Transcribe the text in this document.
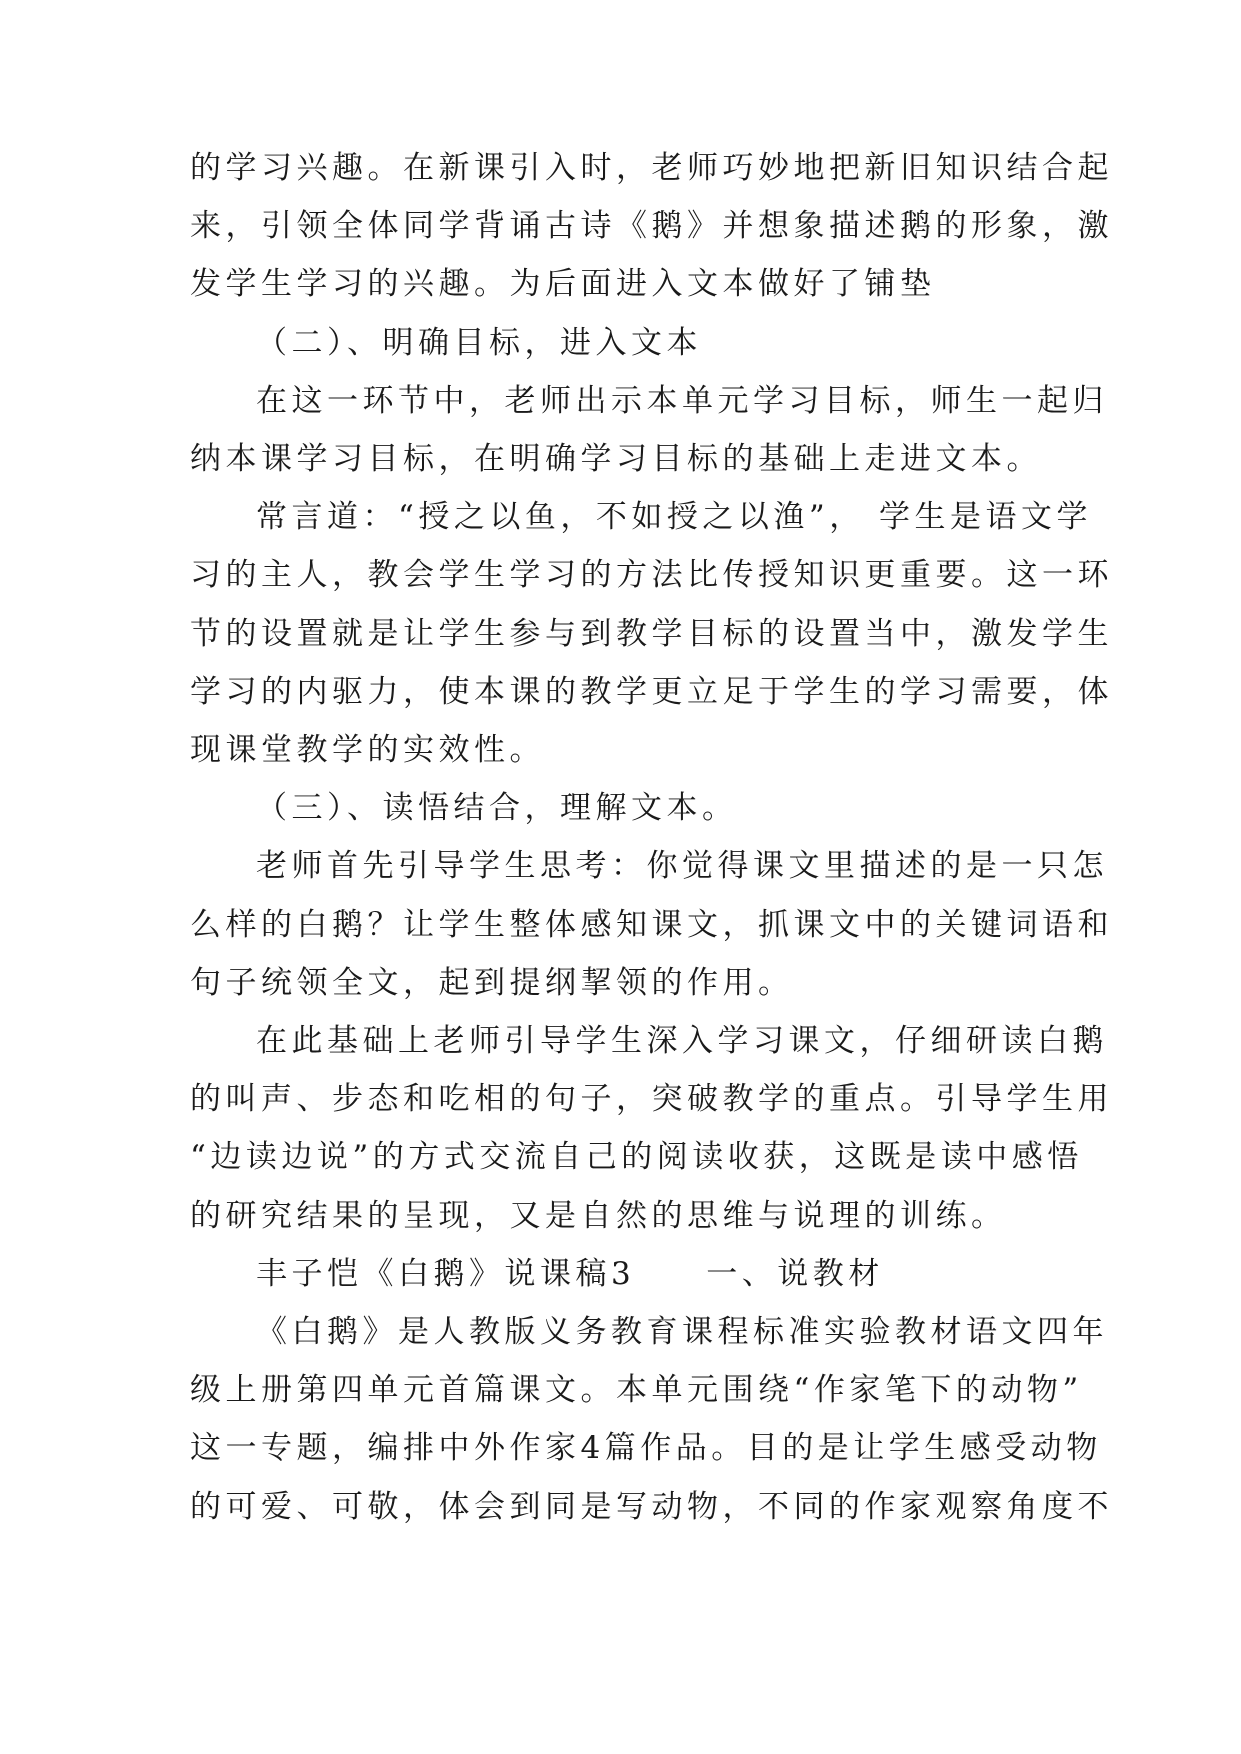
的学习兴趣。在新课引入时，老师巧妙地把新旧知识结合起
来，引领全体同学背诵古诗《鹅》并想象描述鹅的形象，激
发学生学习的兴趣。为后面进入文本做好了铺垫
（二）、明确目标，进入文本
在这一环节中，老师出示本单元学习目标，师生一起归
纳本课学习目标，在明确学习目标的基础上走进文本。
常言道：“授之以鱼，不如授之以渔”， 学生是语文学
习的主人，教会学生学习的方法比传授知识更重要。这一环
节的设置就是让学生参与到教学目标的设置当中，激发学生
学习的内驱力，使本课的教学更立足于学生的学习需要，体
现课堂教学的实效性。
（三）、读悟结合，理解文本。
老师首先引导学生思考：你觉得课文里描述的是一只怎
么样的白鹅？让学生整体感知课文，抓课文中的关键词语和
句子统领全文，起到提纲挈领的作用。
在此基础上老师引导学生深入学习课文，仔细研读白鹅
的叫声、步态和吃相的句子，突破教学的重点。引导学生用
“边读边说”的方式交流自己的阅读收获，这既是读中感悟
的研究结果的呈现，又是自然的思维与说理的训练。
丰子恺《白鹅》说课稿3　　一、说教材
《白鹅》是人教版义务教育课程标准实验教材语文四年
级上册第四单元首篇课文。本单元围绕“作家笔下的动物”
这一专题，编排中外作家4篇作品。目的是让学生感受动物
的可爱、可敬，体会到同是写动物，不同的作家观察角度不
